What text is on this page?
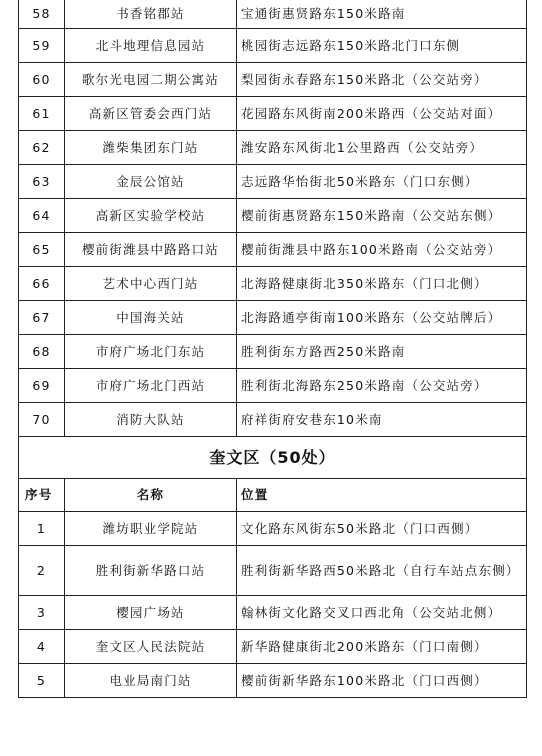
58	书香铭郡站	宝通街惠贤路东150米路南
59	北斗地理信息园站	桃园街志远路东150米路北门口东侧
60	歌尔光电园二期公寓站	梨园街永春路东150米路北（公交站旁）
61	高新区管委会西门站	花园路东风街南200米路西（公交站对面）
62	潍柴集团东门站	潍安路东风街北1公里路西（公交站旁）
63	金辰公馆站	志远路华怡街北50米路东（门口东侧）
64	高新区实验学校站	樱前街惠贤路东150米路南（公交站东侧）
65	樱前街潍县中路路口站	樱前街潍县中路东100米路南（公交站旁）
66	艺术中心西门站	北海路健康街北350米路东（门口北侧）
67	中国海关站	北海路通亭街南100米路东（公交站牌后）
68	市府广场北门东站	胜利街东方路西250米路南
69	市府广场北门西站	胜利街北海路东250米路南（公交站旁）
70	消防大队站	府祥街府安巷东10米南
奎文区（50处）		
序号	名称	位置
1	潍坊职业学院站	文化路东风街东50米路北（门口西侧）
2	胜利街新华路口站	胜利街新华路西50米路北（自行车站点东侧）
3	樱园广场站	翰林街文化路交叉口西北角（公交站北侧）
4	奎文区人民法院站	新华路健康街北200米路东（门口南侧）
5	电业局南门站	樱前街新华路东100米路北（门口西侧）
